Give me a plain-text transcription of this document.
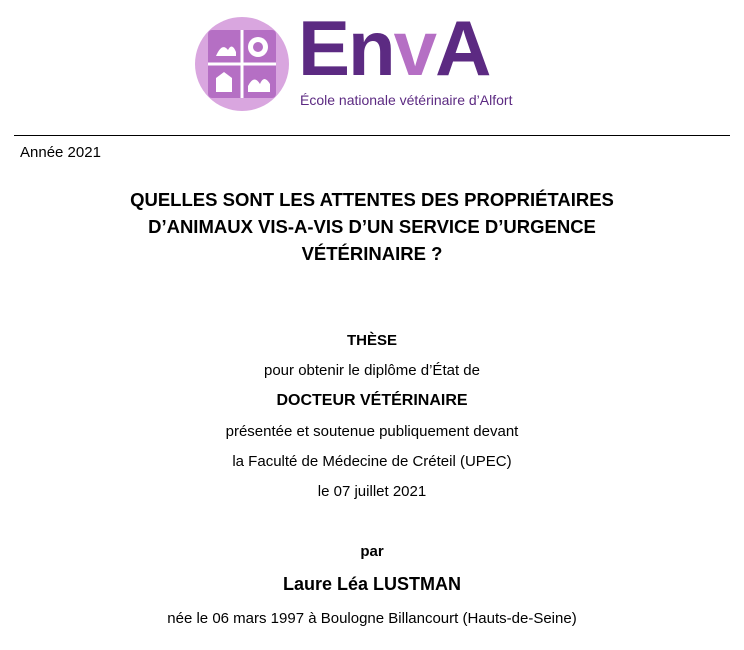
EnvA
École nationale vétérinaire d’Alfort
Année 2021
QUELLES SONT LES ATTENTES DES PROPRIÉTAIRES
D’ANIMAUX VIS-A-VIS D’UN SERVICE D’URGENCE
VÉTÉRINAIRE ?
THÈSE
pour obtenir le diplôme d’État de
DOCTEUR VÉTÉRINAIRE
présentée et soutenue publiquement devant
la Faculté de Médecine de Créteil (UPEC)
le 07 juillet 2021
par
Laure Léa LUSTMAN
née le 06 mars 1997 à Boulogne Billancourt (Hauts-de-Seine)
